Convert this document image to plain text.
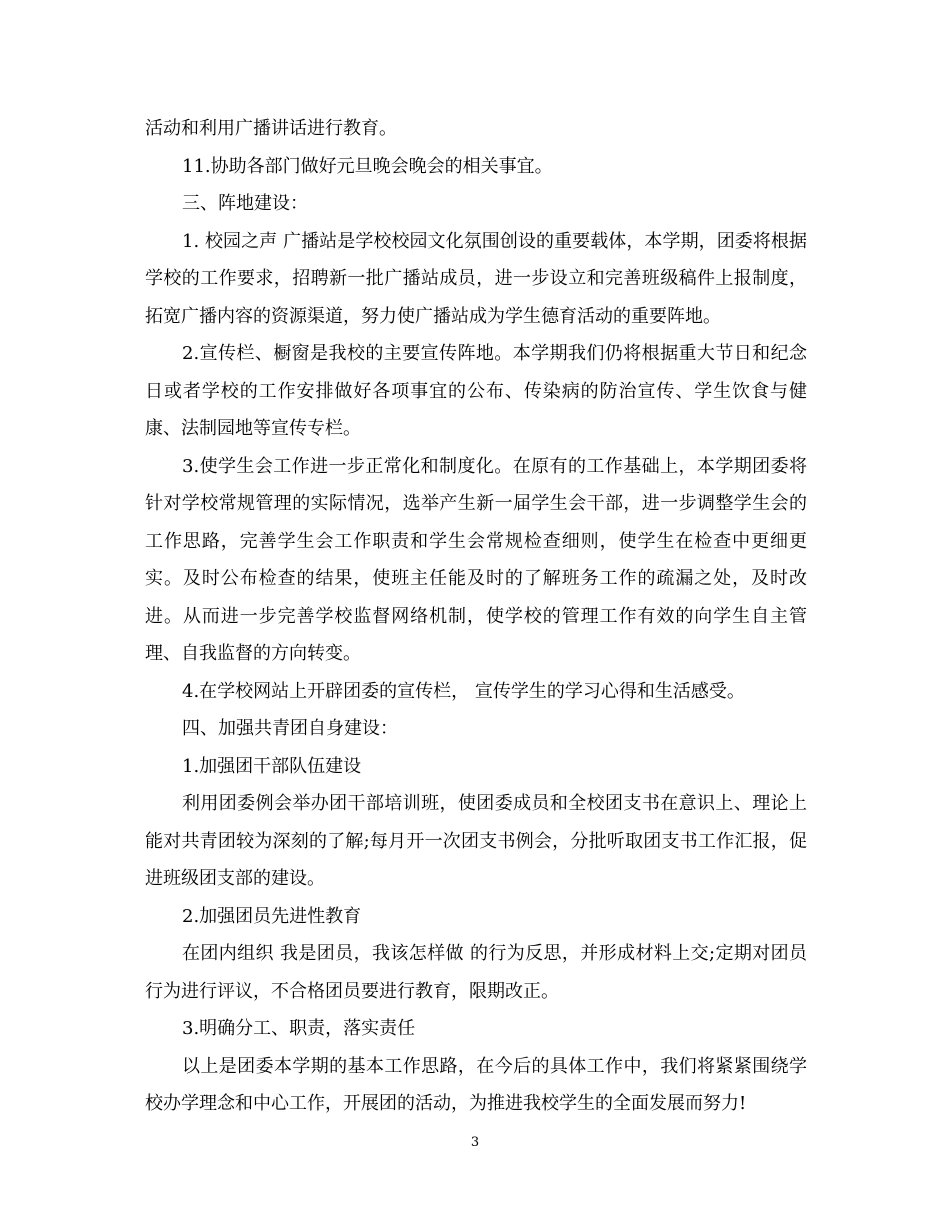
活动和利用广播讲话进行教育。

11.协助各部门做好元旦晚会晚会的相关事宜。

三、阵地建设：

1. 校园之声 广播站是学校校园文化氛围创设的重要载体，本学期，团委将根据学校的工作要求，招聘新一批广播站成员，进一步设立和完善班级稿件上报制度，拓宽广播内容的资源渠道，努力使广播站成为学生德育活动的重要阵地。

2.宣传栏、橱窗是我校的主要宣传阵地。本学期我们仍将根据重大节日和纪念日或者学校的工作安排做好各项事宜的公布、传染病的防治宣传、学生饮食与健康、法制园地等宣传专栏。

3.使学生会工作进一步正常化和制度化。在原有的工作基础上，本学期团委将针对学校常规管理的实际情况，选举产生新一届学生会干部，进一步调整学生会的工作思路，完善学生会工作职责和学生会常规检查细则，使学生在检查中更细更实。及时公布检查的结果，使班主任能及时的了解班务工作的疏漏之处，及时改进。从而进一步完善学校监督网络机制，使学校的管理工作有效的向学生自主管理、自我监督的方向转变。

4.在学校网站上开辟团委的宣传栏， 宣传学生的学习心得和生活感受。

四、加强共青团自身建设：

1.加强团干部队伍建设

利用团委例会举办团干部培训班，使团委成员和全校团支书在意识上、理论上能对共青团较为深刻的了解;每月开一次团支书例会，分批听取团支书工作汇报，促进班级团支部的建设。

2.加强团员先进性教育

在团内组织 我是团员，我该怎样做 的行为反思，并形成材料上交;定期对团员行为进行评议，不合格团员要进行教育，限期改正。

3.明确分工、职责，落实责任

以上是团委本学期的基本工作思路，在今后的具体工作中，我们将紧紧围绕学校办学理念和中心工作，开展团的活动，为推进我校学生的全面发展而努力!

3
